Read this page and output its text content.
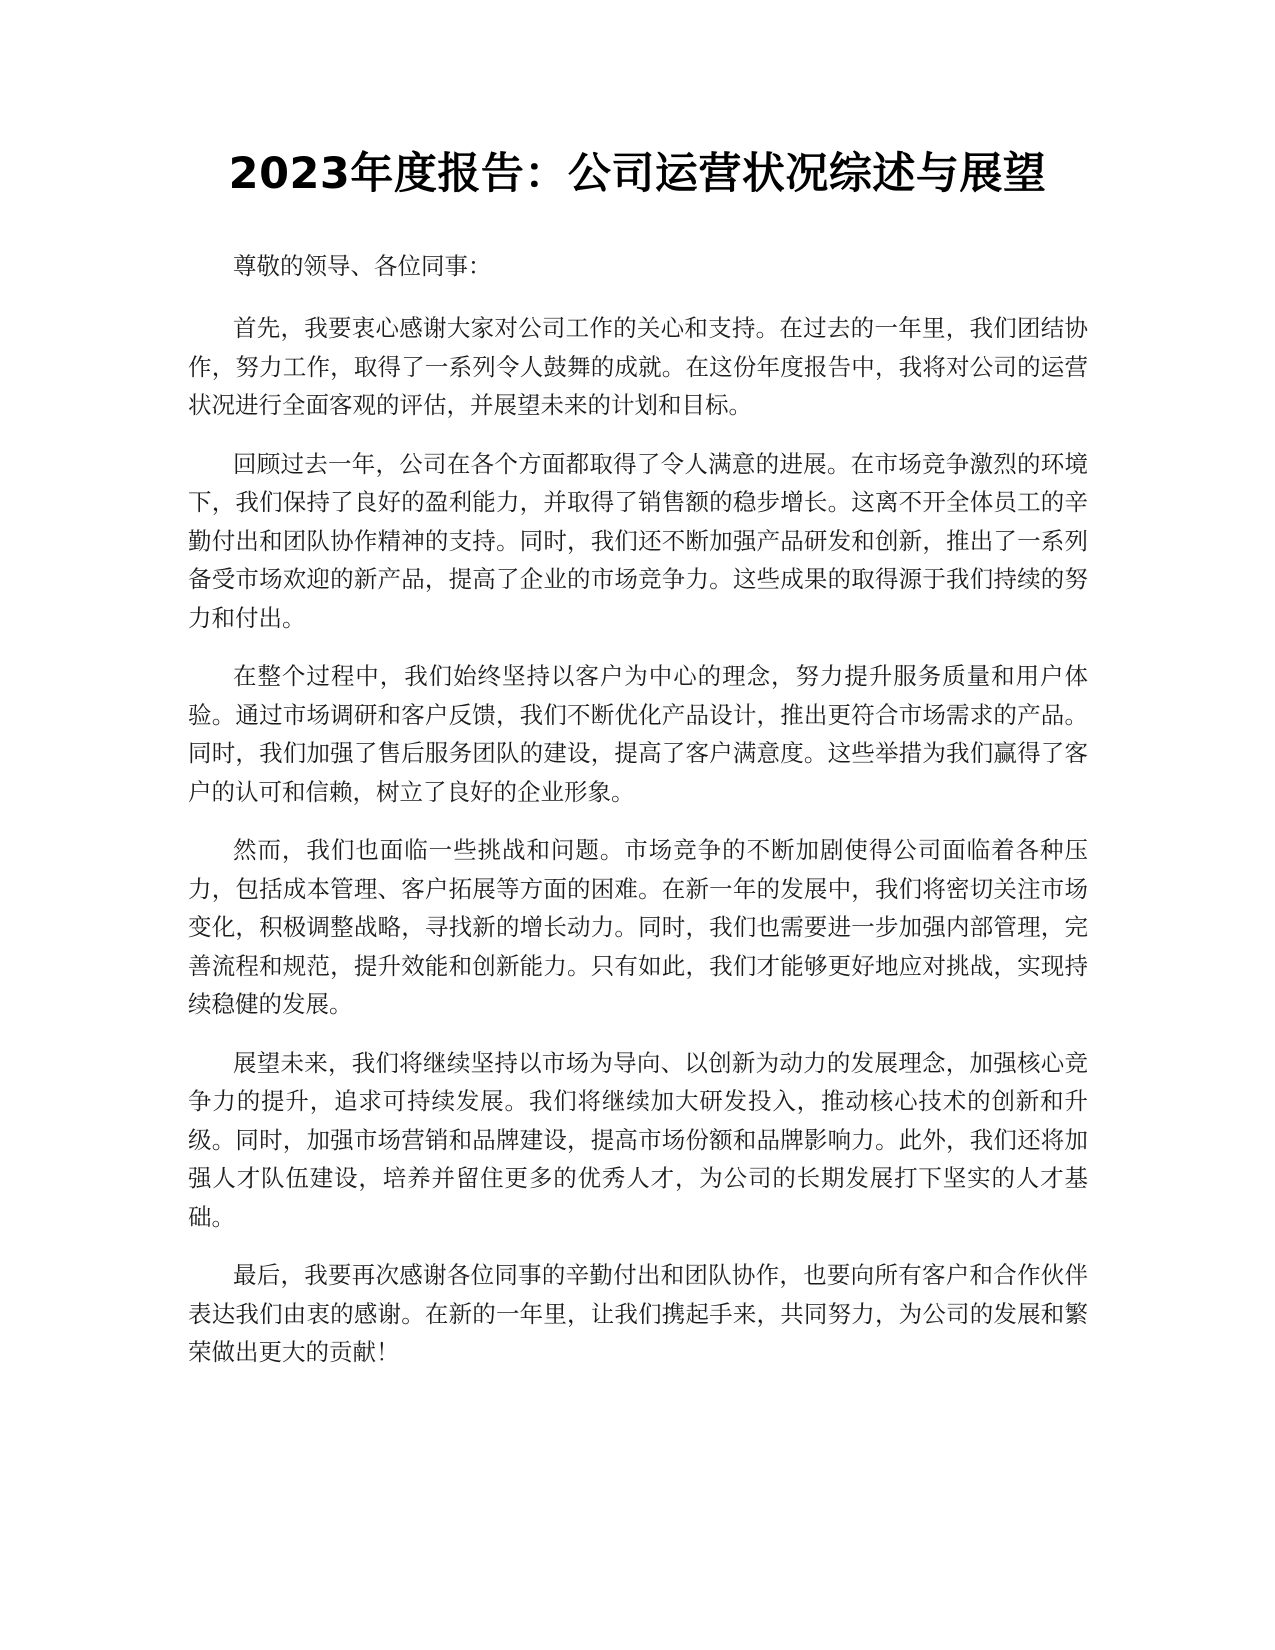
2023年度报告：公司运营状况综述与展望

尊敬的领导、各位同事：

首先，我要衷心感谢大家对公司工作的关心和支持。在过去的一年里，我们团结协作，努力工作，取得了一系列令人鼓舞的成就。在这份年度报告中，我将对公司的运营状况进行全面客观的评估，并展望未来的计划和目标。

回顾过去一年，公司在各个方面都取得了令人满意的进展。在市场竞争激烈的环境下，我们保持了良好的盈利能力，并取得了销售额的稳步增长。这离不开全体员工的辛勤付出和团队协作精神的支持。同时，我们还不断加强产品研发和创新，推出了一系列备受市场欢迎的新产品，提高了企业的市场竞争力。这些成果的取得源于我们持续的努力和付出。

在整个过程中，我们始终坚持以客户为中心的理念，努力提升服务质量和用户体验。通过市场调研和客户反馈，我们不断优化产品设计，推出更符合市场需求的产品。同时，我们加强了售后服务团队的建设，提高了客户满意度。这些举措为我们赢得了客户的认可和信赖，树立了良好的企业形象。

然而，我们也面临一些挑战和问题。市场竞争的不断加剧使得公司面临着各种压力，包括成本管理、客户拓展等方面的困难。在新一年的发展中，我们将密切关注市场变化，积极调整战略，寻找新的增长动力。同时，我们也需要进一步加强内部管理，完善流程和规范，提升效能和创新能力。只有如此，我们才能够更好地应对挑战，实现持续稳健的发展。

展望未来，我们将继续坚持以市场为导向、以创新为动力的发展理念，加强核心竞争力的提升，追求可持续发展。我们将继续加大研发投入，推动核心技术的创新和升级。同时，加强市场营销和品牌建设，提高市场份额和品牌影响力。此外，我们还将加强人才队伍建设，培养并留住更多的优秀人才，为公司的长期发展打下坚实的人才基础。

最后，我要再次感谢各位同事的辛勤付出和团队协作，也要向所有客户和合作伙伴表达我们由衷的感谢。在新的一年里，让我们携起手来，共同努力，为公司的发展和繁荣做出更大的贡献！
